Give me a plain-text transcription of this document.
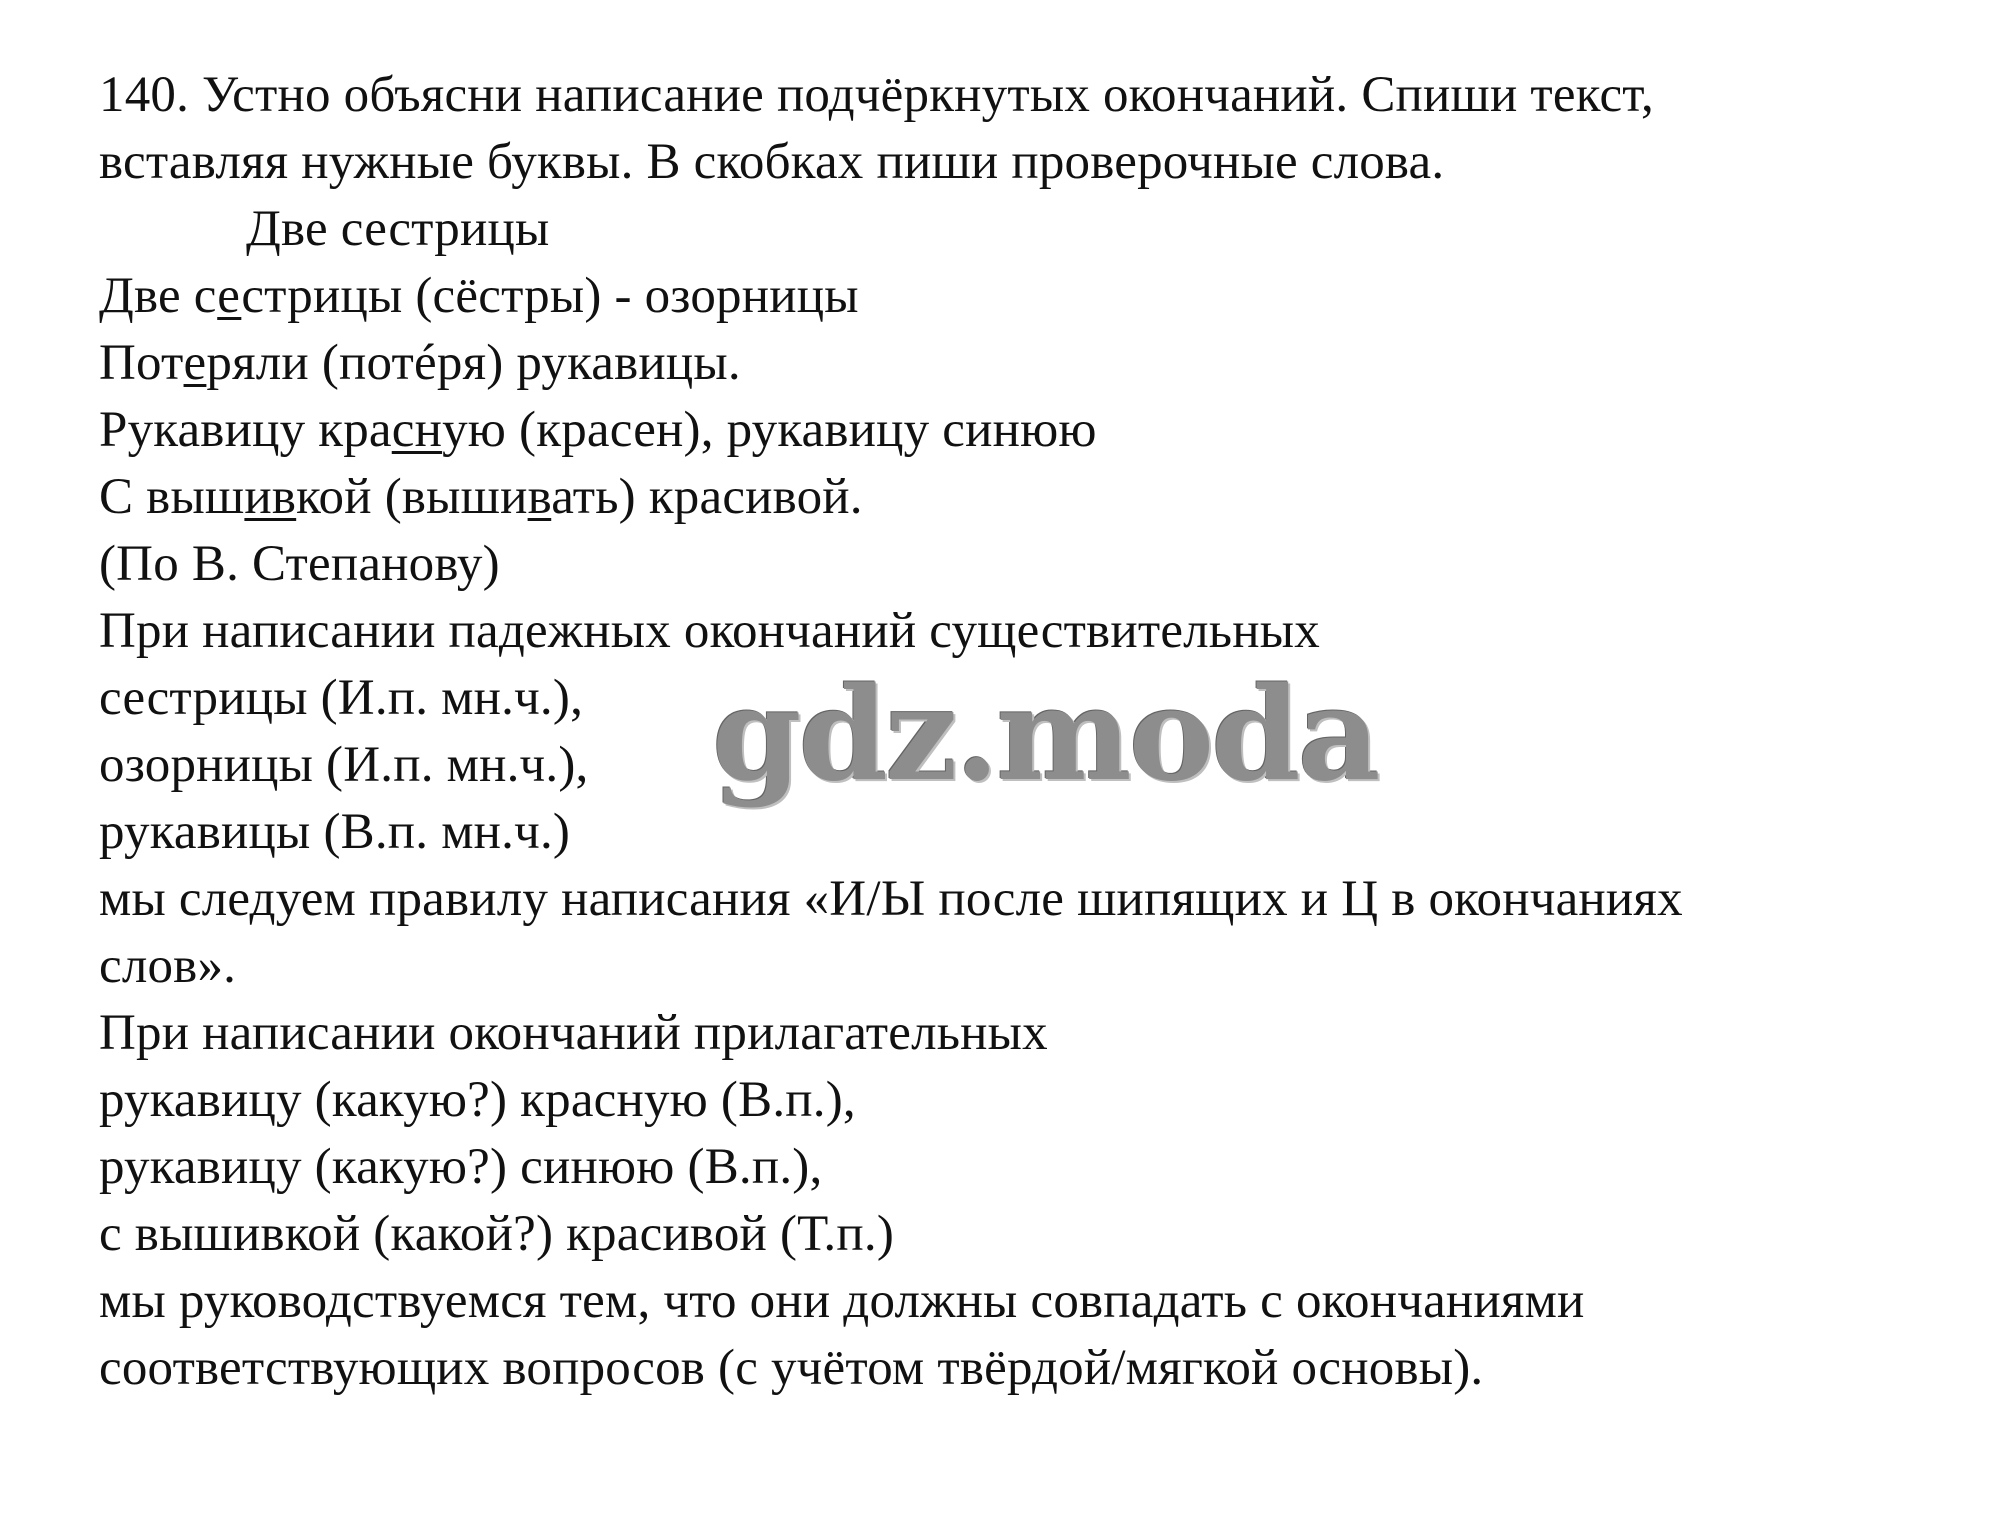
140. Устно объясни написание подчёркнутых окончаний. Спиши текст,
вставляя нужные буквы. В скобках пиши проверочные слова.
Две сестрицы
Две сестрицы (сёстры) - озорницы
Потеряли (потéря) рукавицы.
Рукавицу красную (красен), рукавицу синюю
С вышивкой (вышивать) красивой.
(По В. Степанову)
При написании падежных окончаний существительных
сестрицы (И.п. мн.ч.),
озорницы (И.п. мн.ч.),
рукавицы (В.п. мн.ч.)
мы следуем правилу написания «И/Ы после шипящих и Ц в окончаниях
слов».
При написании окончаний прилагательных
рукавицу (какую?) красную (В.п.),
рукавицу (какую?) синюю (В.п.),
с вышивкой (какой?) красивой (Т.п.)
мы руководствуемся тем, что они должны совпадать с окончаниями
соответствующих вопросов (с учётом твёрдой/мягкой основы).
gdz.moda
